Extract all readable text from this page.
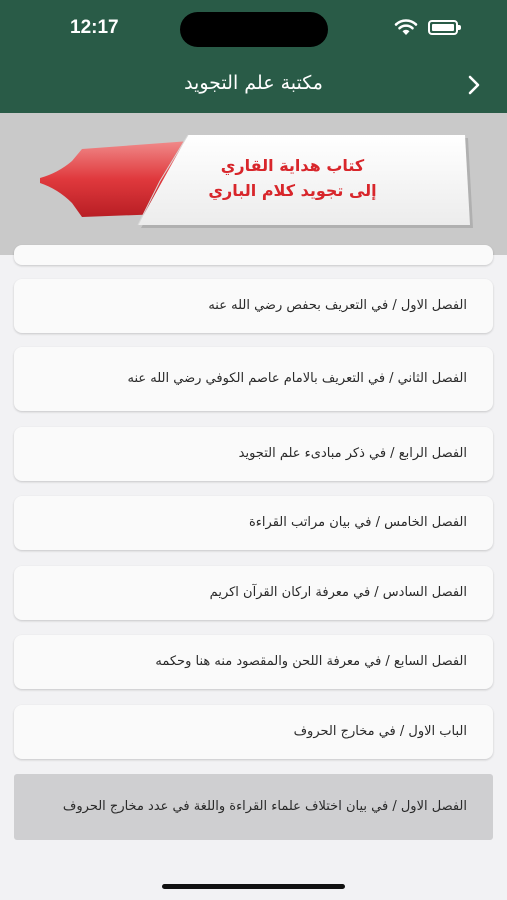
12:17
مكتبة علم التجويد
كتاب هداية القاري
إلى تجويد كلام الباري
الفصل الاول / في التعريف بحفص رضي الله عنه
الفصل الثاني / في التعريف بالامام عاصم الكوفي رضي الله عنه
الفصل الرابع / في ذكر مبادىء علم التجويد
الفصل الخامس / في بيان مراتب القراءة
الفصل السادس / في معرفة اركان القرآن اكريم
الفصل السابع / في معرفة اللحن والمقصود منه هنا وحكمه
الباب الاول / في مخارج الحروف
الفصل الاول / في بيان اختلاف علماء القراءة واللغة في عدد مخارج الحروف
